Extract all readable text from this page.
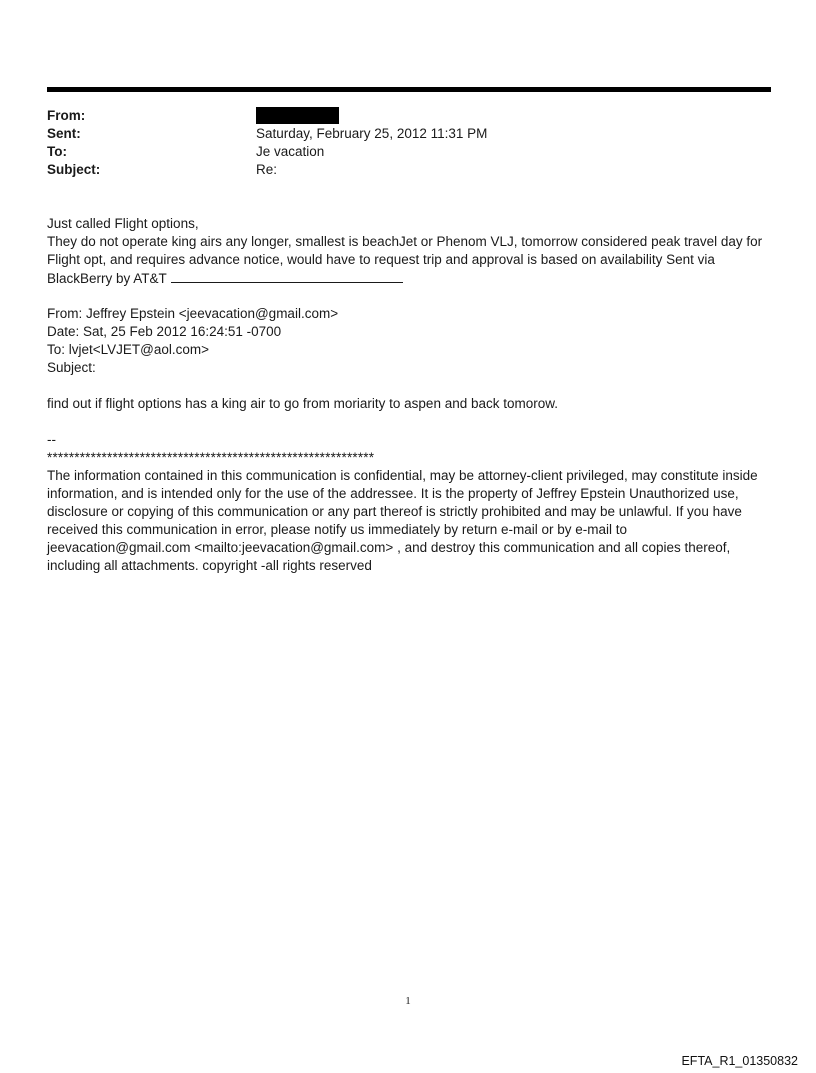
From:
Sent:	Saturday, February 25, 2012 11:31 PM
To:	Je vacation
Subject:	Re:

Just called Flight options,

They do not operate king airs any longer, smallest is beachJet or Phenom VLJ, tomorrow considered peak travel day for Flight opt, and requires advance notice, would have to request trip and approval is based on availability Sent via BlackBerry by AT&T

From: Jeffrey Epstein <jeevacation@gmail.com>

Date: Sat, 25 Feb 2012 16:24:51 -0700

To: lvjet<LVJET@aol.com>

Subject:

find out if flight options has a king air to go from moriarity to aspen and back tomorow.

--

************************************************************

The information contained in this communication is confidential, may be attorney-client privileged, may constitute inside information, and is intended only for the use of the addressee. It is the property of Jeffrey Epstein Unauthorized use, disclosure or copying of this communication or any part thereof is strictly prohibited and may be unlawful. If you have received this communication in error, please notify us immediately by return e-mail or by e-mail to jeevacation@gmail.com <mailto:jeevacation@gmail.com> , and destroy this communication and all copies thereof, including all attachments. copyright -all rights reserved

1
EFTA_R1_01350832
